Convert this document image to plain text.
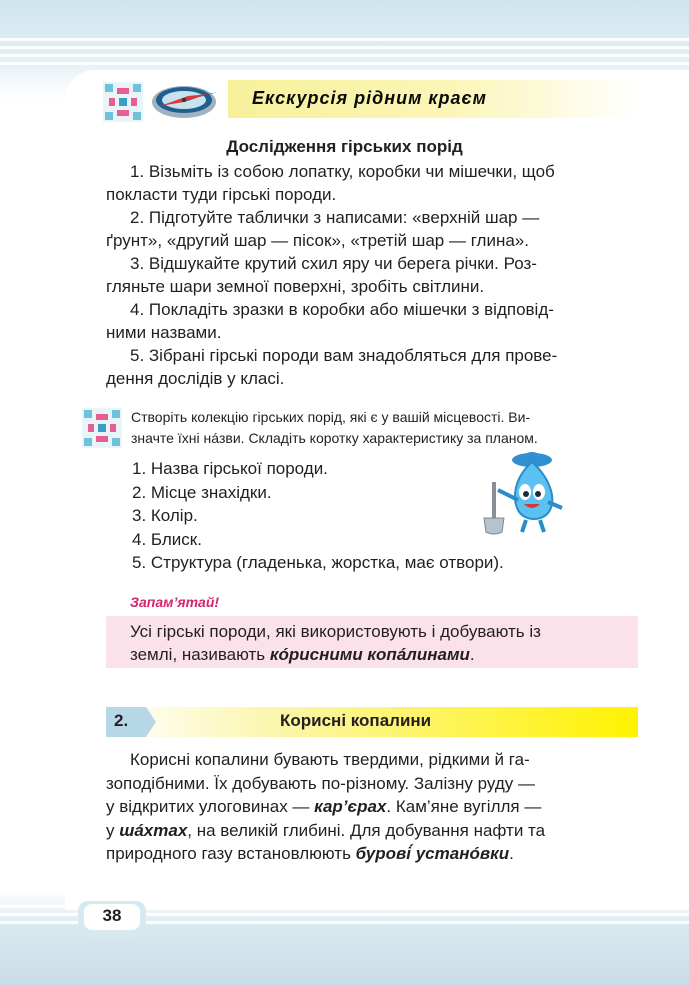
Екскурсія рідним краєм
Дослідження гірських порід
1. Візьміть із собою лопатку, коробки чи мішечки, щоб
покласти туди гірські породи.
2. Підготуйте таблички з написами: «верхній шар —
ґрунт», «другий шар — пісок», «третій шар — глина».
3. Відшукайте крутий схил яру чи берега річки. Роз-
гляньте шари земної поверхні, зробіть світлини.
4. Покладіть зразки в коробки або мішечки з відповід-
ними назвами.
5. Зібрані гірські породи вам знадобляться для прове-
дення дослідів у класі.
Створіть колекцію гірських порід, які є у вашій місцевості. Ви-
значте їхні нáзви. Складіть коротку характеристику за планом.
1. Назва гірської породи.
2. Місце знахідки.
3. Колір.
4. Блиск.
5. Структура (гладенька, жорстка, має отвори).
Запам’ятай!
Усі гірські породи, які використовують і добувають із
землі, називають кóрисними копáлинами.
2.	Корисні копалини
Корисні копалини бувають твердими, рідкими й га-
зоподібними. Їх добувають по-різному. Залізну руду —
у відкритих улоговинах — кар’єрах. Кам’яне вугілля —
у шáхтах, на великій глибині. Для добування нафти та
природного газу встановлюють бурові́ устанóвки.
38
